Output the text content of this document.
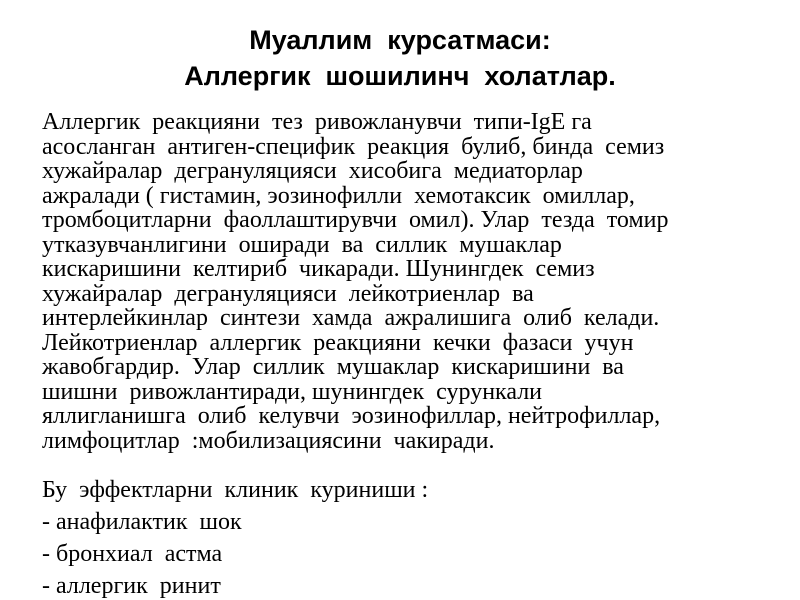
Муаллим  курсатмаси:
Аллергик  шошилинч  холатлар.
Аллергик  реакцияни  тез  ривожланувчи  типи-IgE га
асосланган  антиген-специфик  реакция  булиб, бинда  семиз
хужайралар  дегрануляцияси  хисобига  медиаторлар
ажралади ( гистамин, эозинофилли  хемотаксик  омиллар,
тромбоцитларни  фаоллаштирувчи  омил). Улар  тезда  томир
утказувчанлигини  оширади  ва  силлик  мушаклар
кискаришини  келтириб  чикаради. Шунингдек  семиз
хужайралар  дегрануляцияси  лейкотриенлар  ва
интерлейкинлар  синтези  хамда  ажралишига  олиб  келади.
Лейкотриенлар  аллергик  реакцияни  кечки  фазаси  учун
жавобгардир.  Улар  силлик  мушаклар  кискаришини  ва
шишни  ривожлантиради, шунингдек  сурункали
яллигланишга  олиб  келувчи  эозинофиллар, нейтрофиллар,
лимфоцитлар  :мобилизациясини  чакиради.
Бу  эффектларни  клиник  куриниши :
- анафилактик  шок
- бронхиал  астма
- аллергик  ринит
